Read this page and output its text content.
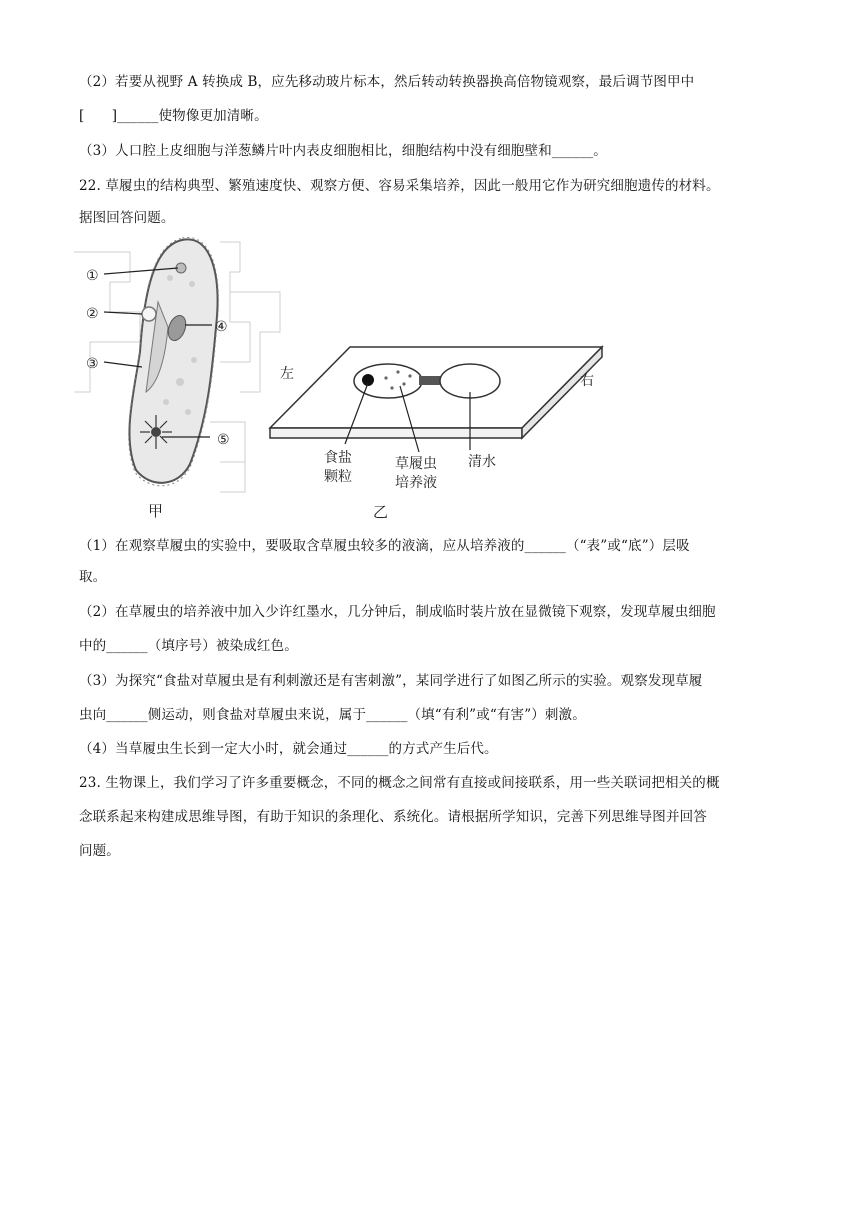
（2）若要从视野 A 转换成 B，应先移动玻片标本，然后转动转换器换高倍物镜观察，最后调节图甲中
[　　]______使物像更加清晰。
（3）人口腔上皮细胞与洋葱鳞片叶内表皮细胞相比，细胞结构中没有细胞壁和______。
22. 草履虫的结构典型、繁殖速度快、观察方便、容易采集培养，因此一般用它作为研究细胞遗传的材料。
据图回答问题。
①
②
③
④
⑤
甲
左	右
食盐
颗粒
草履虫
培养液
清水
乙
（1）在观察草履虫的实验中，要吸取含草履虫较多的液滴，应从培养液的______（“表”或“底”）层吸
取。
（2）在草履虫的培养液中加入少许红墨水，几分钟后，制成临时装片放在显微镜下观察，发现草履虫细胞
中的______（填序号）被染成红色。
（3）为探究“食盐对草履虫是有利刺激还是有害刺激”，某同学进行了如图乙所示的实验。观察发现草履
虫向______侧运动，则食盐对草履虫来说，属于______（填“有利”或“有害”）刺激。
（4）当草履虫生长到一定大小时，就会通过______的方式产生后代。
23. 生物课上，我们学习了许多重要概念，不同的概念之间常有直接或间接联系，用一些关联词把相关的概
念联系起来构建成思维导图，有助于知识的条理化、系统化。请根据所学知识，完善下列思维导图并回答
问题。
